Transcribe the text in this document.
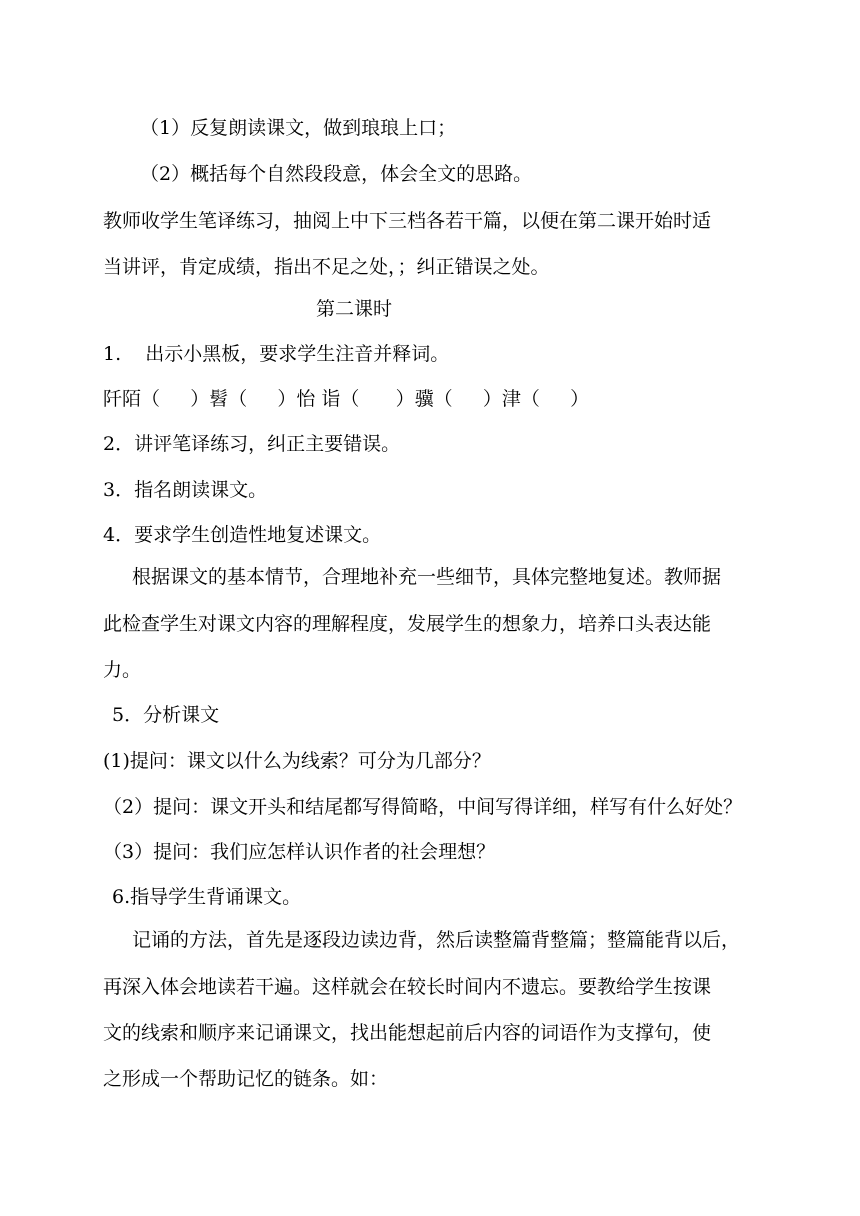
（1）反复朗读课文，做到琅琅上口；
（2）概括每个自然段段意，体会全文的思路。
教师收学生笔译练习，抽阅上中下三档各若干篇，以便在第二课开始时适
当讲评，肯定成绩，指出不足之处，；纠正错误之处。
第二课时
1.    出示小黑板，要求学生注音并释词。
阡陌（     ）髫（     ）怡 诣（      ）骥（     ）津（     ）
2．讲评笔译练习，纠正主要错误。
3．指名朗读课文。
4．要求学生创造性地复述课文。
根据课文的基本情节，合理地补充一些细节，具体完整地复述。教师据
此检查学生对课文内容的理解程度，发展学生的想象力，培养口头表达能
力。
5．分析课文
(1)提问：课文以什么为线索？可分为几部分？
（2）提问：课文开头和结尾都写得简略，中间写得详细，样写有什么好处？
（3）提问：我们应怎样认识作者的社会理想？
6.指导学生背诵课文。
记诵的方法，首先是逐段边读边背，然后读整篇背整篇；整篇能背以后，
再深入体会地读若干遍。这样就会在较长时间内不遗忘。要教给学生按课
文的线索和顺序来记诵课文，找出能想起前后内容的词语作为支撑句，使
之形成一个帮助记忆的链条。如：
